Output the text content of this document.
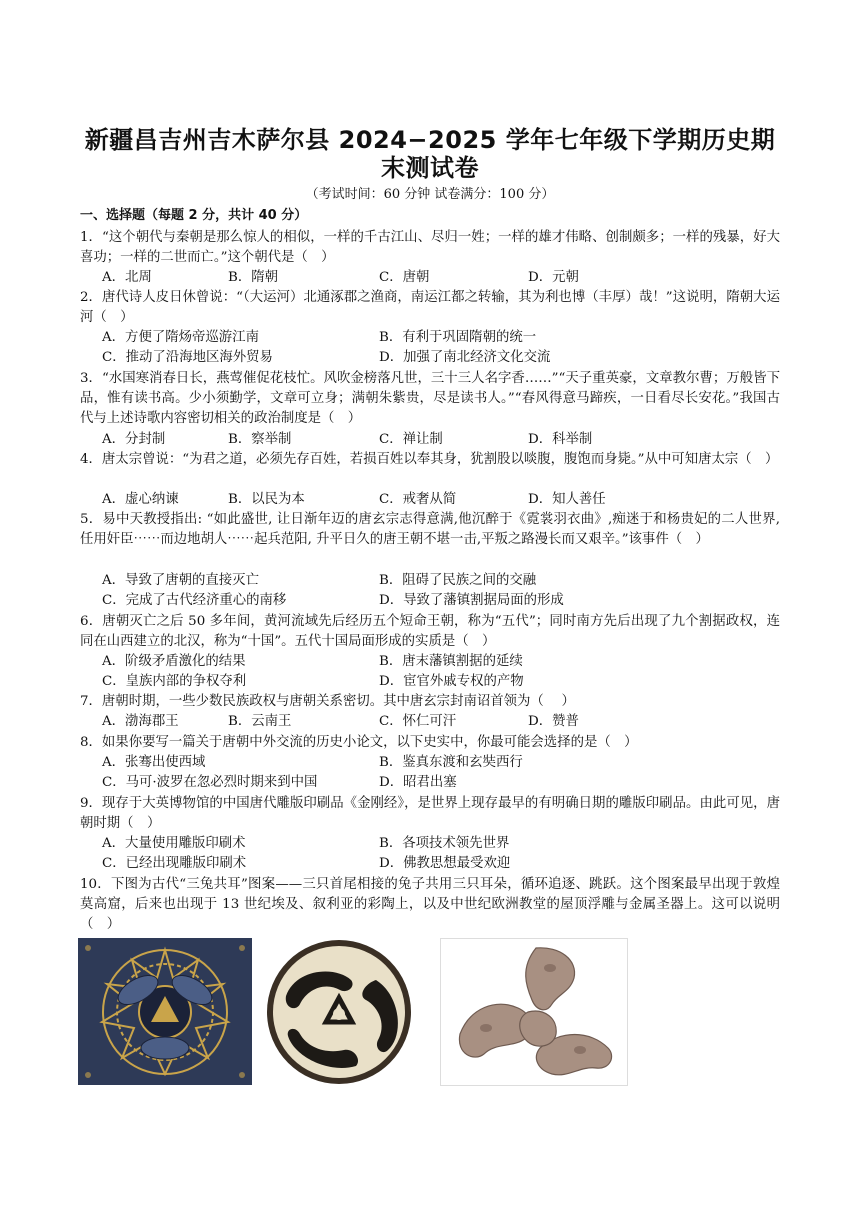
新疆昌吉州吉木萨尔县 2024−2025 学年七年级下学期历史期
末测试卷
（考试时间：60 分钟 试卷满分：100 分）
一、选择题（每题 2 分，共计 40 分）
1．“这个朝代与秦朝是那么惊人的相似，一样的千古江山、尽归一姓；一样的雄才伟略、创制颇多；一样的残暴，好大喜功；一样的二世而亡。”这个朝代是（　）
A．北周	B．隋朝	C．唐朝	D．元朝
2．唐代诗人皮日休曾说：“（大运河）北通涿郡之渔商，南运江都之转输，其为利也博（丰厚）哉！”这说明，隋朝大运河（　）
A．方便了隋炀帝巡游江南	B．有利于巩固隋朝的统一
C．推动了沿海地区海外贸易	D．加强了南北经济文化交流
3．“水国寒消春日长，燕莺催促花枝忙。风吹金榜落凡世，三十三人名字香……”“天子重英豪，文章教尔曹；万般皆下品，惟有读书高。少小须勤学，文章可立身；满朝朱紫贵，尽是读书人。”“春风得意马蹄疾，一日看尽长安花。”我国古代与上述诗歌内容密切相关的政治制度是（　）
A．分封制	B．察举制	C．禅让制	D．科举制
4．唐太宗曾说：“为君之道，必须先存百姓，若损百姓以奉其身，犹割股以啖腹，腹饱而身毙。”从中可知唐太宗（　）
A．虚心纳谏	B．以民为本	C．戒奢从简	D．知人善任
5．易中天教授指出: “如此盛世, 让日渐年迈的唐玄宗志得意满,他沉醉于《霓裳羽衣曲》,痴迷于和杨贵妃的二人世界,任用奸臣⋯⋯而边地胡人⋯⋯起兵范阳, 升平日久的唐王朝不堪一击,平叛之路漫长而又艰辛。”该事件（　）
A．导致了唐朝的直接灭亡	B．阻碍了民族之间的交融
C．完成了古代经济重心的南移	D．导致了藩镇割据局面的形成
6．唐朝灭亡之后 50 多年间，黄河流域先后经历五个短命王朝，称为“五代”；同时南方先后出现了九个割据政权，连同在山西建立的北汉，称为“十国”。五代十国局面形成的实质是（　）
A．阶级矛盾激化的结果	B．唐末藩镇割据的延续
C．皇族内部的争权夺利	D．宦官外戚专权的产物
7．唐朝时期，一些少数民族政权与唐朝关系密切。其中唐玄宗封南诏首领为（　 ）
A．渤海郡王	B．云南王	C．怀仁可汗	D．赞普
8．如果你要写一篇关于唐朝中外交流的历史小论文，以下史实中，你最可能会选择的是（　）
A．张骞出使西域	B．鉴真东渡和玄奘西行
C．马可·波罗在忽必烈时期来到中国	D．昭君出塞
9．现存于大英博物馆的中国唐代雕版印刷品《金刚经》，是世界上现存最早的有明确日期的雕版印刷品。由此可见，唐朝时期（　）
A．大量使用雕版印刷术	B．各项技术领先世界
C．已经出现雕版印刷术	D．佛教思想最受欢迎
10．下图为古代“三兔共耳”图案——三只首尾相接的兔子共用三只耳朵，循环追逐、跳跃。这个图案最早出现于敦煌莫高窟，后来也出现于 13 世纪埃及、叙利亚的彩陶上，以及中世纪欧洲教堂的屋顶浮雕与金属圣器上。这可以说明（　）
